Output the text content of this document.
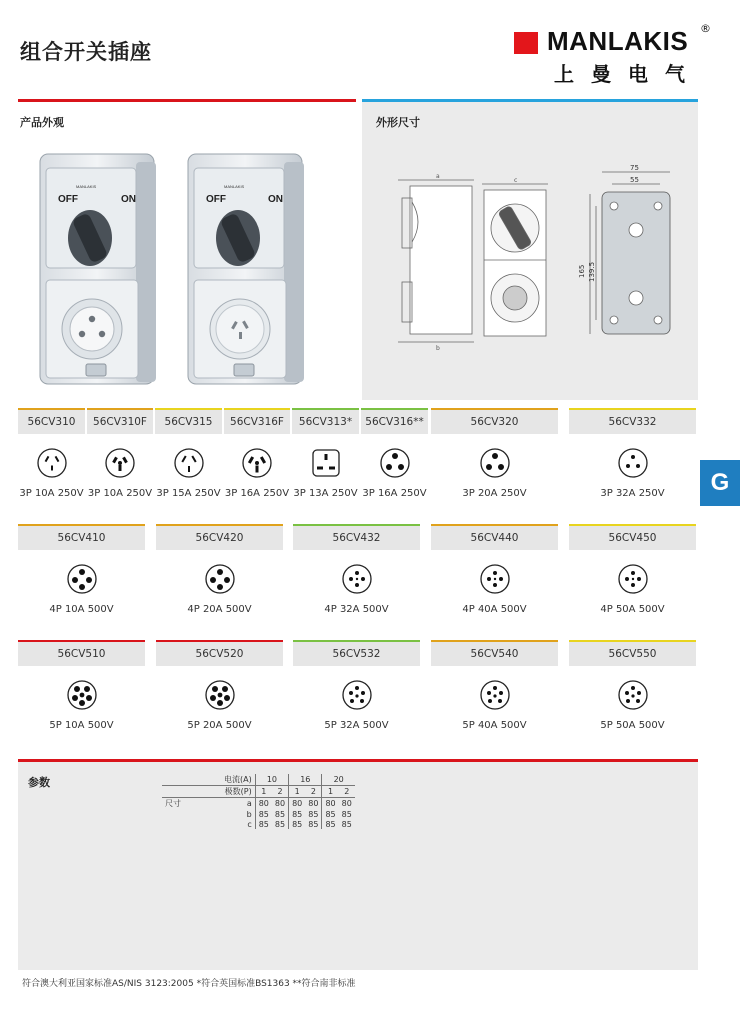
组合开关插座	MANLAKIS ®
上曼电气
产品外观
OFF	ON
MANLAKIS
OFF	ON
MANLAKIS
外形尺寸
a
b
c
75
55
165 139.5
56CV310
3P 10A 250V
56CV310F
3P 10A 250V
56CV315
3P 15A 250V
56CV316F
3P 16A 250V
56CV313*
3P 13A 250V
56CV316**
3P 16A 250V
56CV320
3P 20A 250V
56CV332
3P 32A 250V
56CV410
4P 10A 500V
56CV420
4P 20A 500V
56CV432
4P 32A 500V
56CV440
4P 40A 500V
56CV450
4P 50A 500V
56CV510
5P 10A 500V
56CV520
5P 20A 500V
56CV532
5P 32A 500V
56CV540
5P 40A 500V
56CV550
5P 50A 500V
G
参数
		电流(A)	10		16		20	
	极数(P)	1	2	1	2	1	2
尺寸	a	80	80	80	80	80	80
	b	85	85	85	85	85	85
	c	85	85	85	85	85	85
符合澳大利亚国家标准AS/NIS 3123:2005 *符合英国标准BS1363 **符合南非标准
